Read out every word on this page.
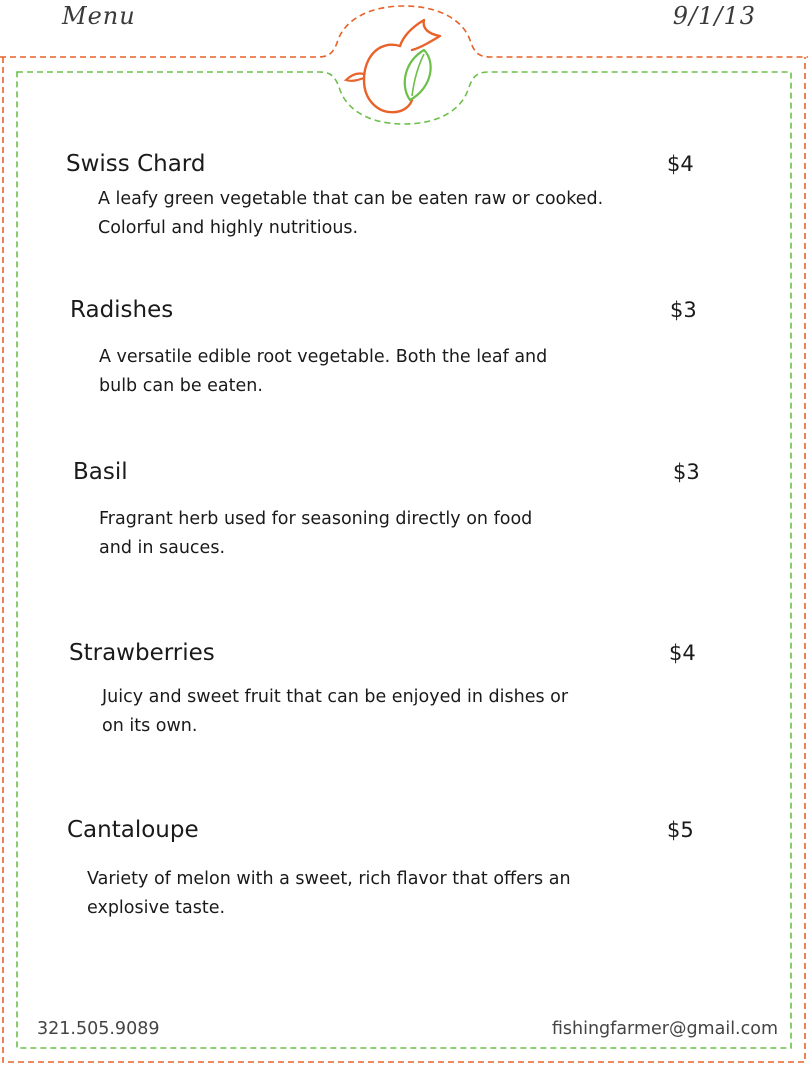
Menu	9/1/13
Swiss Chard	$4
A leafy green vegetable that can be eaten raw or cooked.
Colorful and highly nutritious.
Radishes	$3
A versatile edible root vegetable. Both the leaf and
bulb can be eaten.
Basil	$3
Fragrant herb used for seasoning directly on food
and in sauces.
Strawberries	$4
Juicy and sweet fruit that can be enjoyed in dishes or
on its own.
Cantaloupe	$5
Variety of melon with a sweet, rich flavor that offers an
explosive taste.
321.505.9089	fishingfarmer@gmail.com
